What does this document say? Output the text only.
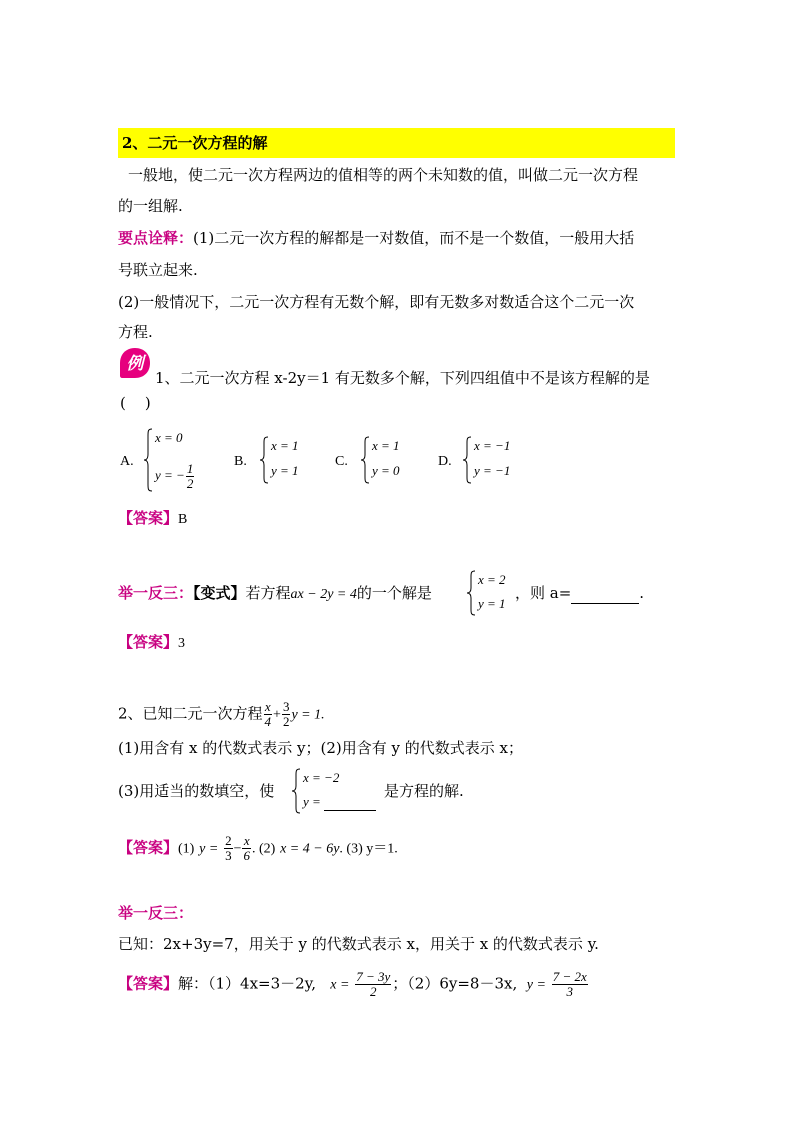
2、二元一次方程的解
一般地，使二元一次方程两边的值相等的两个未知数的值，叫做二元一次方程
的一组解.
要点诠释：(1)二元一次方程的解都是一对数值，而不是一个数值，一般用大括
号联立起来.
(2)一般情况下，二元一次方程有无数个解，即有无数多对数适合这个二元一次
方程.
例
1、二元一次方程 x-2y＝1 有无数多个解，下列四组值中不是该方程解的是
(    )
A.
x = 0
y = − $\frac{1}{2}$
B.
x = 1
y = 1
C.
x = 1
y = 0
D.
x = −1
y = −1
【答案】B
举一反三：【变式】若方程ax − 2y = 4的一个解是
x = 2
y = 1
，则 a=	.
【答案】3
2、已知二元一次方程 $\frac{x}{4} + \frac{3}{2}$ y = 1.
(1)用含有 x 的代数式表示 y；(2)用含有 y 的代数式表示 x；
(3)用适当的数填空，使
x = −2
y =
是方程的解.
【答案】(1) $y = \frac{2}{3} - \frac{x}{6}$ . (2) x = 4 − 6y. (3) y＝1.
举一反三：
已知：2x+3y=7，用关于 y 的代数式表示 x，用关于 x 的代数式表示 y.
【答案】解：（1）4x=3－2y, $x = \frac{7 - 3y}{2}$ ；（2）6y=8－3x, $y = \frac{7 - 2x}{3}$
